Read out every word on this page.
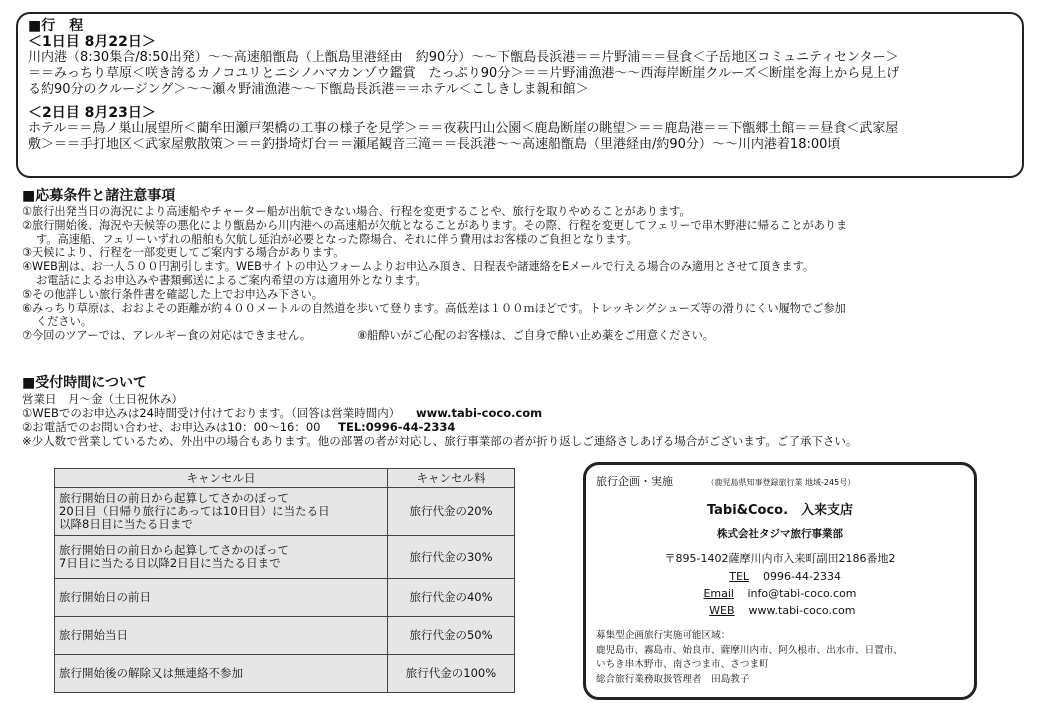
■行　程
＜1日目 8月22日＞
川内港（8:30集合/8:50出発）～～高速船甑島（上甑島里港経由　約90分）～～下甑島長浜港＝＝片野浦＝＝昼食＜子岳地区コミュニティセンター＞
＝＝みっちり草原＜咲き誇るカノコユリとニシノハマカンゾウ鑑賞　たっぷり90分＞＝＝片野浦漁港～～西海岸断崖クルーズ＜断崖を海上から見上げ
る約90分のクルージング＞～～瀬々野浦漁港～～下甑島長浜港＝＝ホテル＜こしきしま親和館＞
＜2日目 8月23日＞
ホテル＝＝鳥ノ巣山展望所＜藺牟田瀬戸架橋の工事の様子を見学＞＝＝夜萩円山公園＜鹿島断崖の眺望＞＝＝鹿島港＝＝下甑郷土館＝＝昼食＜武家屋
敷＞＝＝手打地区＜武家屋敷散策＞＝＝釣掛埼灯台＝＝瀬尾観音三滝＝＝長浜港～～高速船甑島（里港経由/約90分）～～川内港着18:00頃
■応募条件と諸注意事項
①旅行出発当日の海況により高速船やチャーター船が出航できない場合、行程を変更することや、旅行を取りやめることがあります。
②旅行開始後、海況や天候等の悪化により甑島から川内港への高速船が欠航となることがあります。その際、行程を変更してフェリーで串木野港に帰ることがありま
す。高速船、フェリーいずれの船舶も欠航し延泊が必要となった際場合、それに伴う費用はお客様のご負担となります。
③天候により、行程を一部変更してご案内する場合があります。
④WEB割は、お一人５００円割引します。WEBサイトの申込フォームよりお申込み頂き、日程表や諸連絡をEメールで行える場合のみ適用とさせて頂きます。
お電話によるお申込みや書類郵送によるご案内希望の方は適用外となります。
⑤その他詳しい旅行条件書を確認した上でお申込み下さい。
⑥みっちり草原は、おおよその距離が約４００メートルの自然道を歩いて登ります。高低差は１００ｍほどです。トレッキングシューズ等の滑りにくい履物でご参加
ください。
⑦今回のツアーでは、アレルギー食の対応はできません。	⑧船酔いがご心配のお客様は、ご自身で酔い止め薬をご用意ください。
■受付時間について
営業日　月～金（土日祝休み）
①WEBでのお申込みは24時間受け付けております。（回答は営業時間内） www.tabi-coco.com
②お電話でのお問い合わせ、お申込みは10：00～16：00 TEL:0996-44-2334
※少人数で営業しているため、外出中の場合もあります。他の部署の者が対応し、旅行事業部の者が折り返しご連絡さしあげる場合がございます。ご了承下さい。
キャンセル日	キャンセル料

旅行開始日の前日から起算してさかのぼって
20日目（日帰り旅行にあっては10日目）に当たる日
以降8日目に当たる日まで	旅行代金の20%

旅行開始日の前日から起算してさかのぼって
7日目に当たる日以降2日目に当たる日まで	旅行代金の30%
旅行開始日の前日	旅行代金の40%
旅行開始当日	旅行代金の50%
旅行開始後の解除又は無連絡不参加	旅行代金の100%
旅行企画・実施	（鹿児島県知事登録旅行業 地域-245号）
Tabi&Coco.　入来支店
株式会社タジマ旅行事業部
〒895-1402薩摩川内市入来町副田2186番地2
TEL 0996-44-2334
Email info@tabi-coco.com
WEB www.tabi-coco.com
募集型企画旅行実施可能区域：
鹿児島市、霧島市、始良市、薩摩川内市、阿久根市、出水市、日置市、
いちき串木野市、南さつま市、さつま町
総合旅行業務取扱管理者　田島教子
